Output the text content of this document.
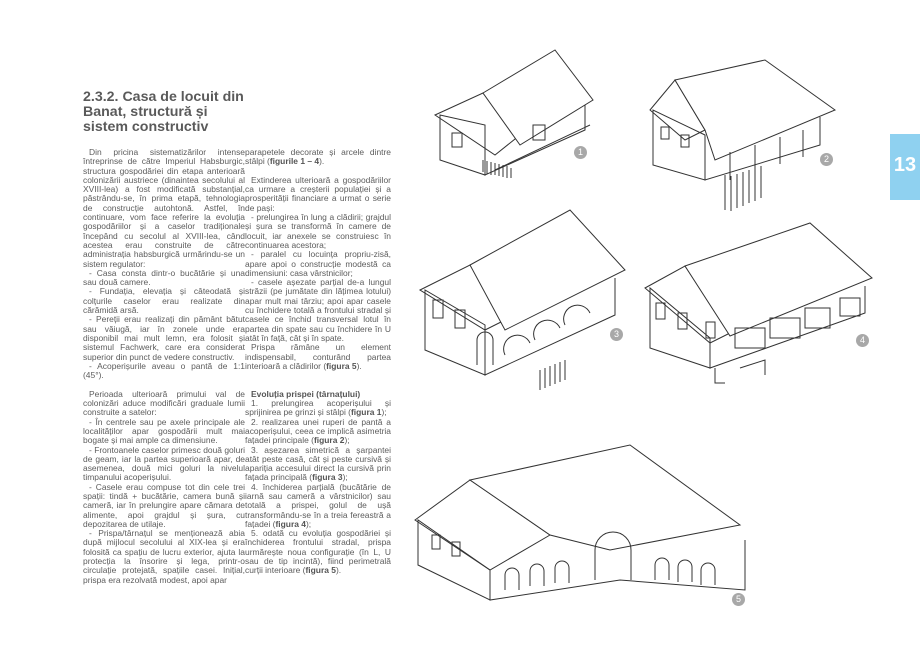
2.3.2. Casa de locuit din Banat, structură și sistem constructiv

Din pricina sistematizărilor intense întreprinse de către Imperiul Habsburgic, structura gospodăriei din etapa anterioară colonizării austriece (dinaintea secolului al XVIII-lea) a fost modificată substanțial, păstrându-se, în prima etapă, tehnologia de construcție autohtonă. Astfel, în continuare, vom face referire la evoluția gospodăriilor și a caselor tradiționale începând cu secolul al XVIII-lea, când acestea erau construite de către administrația habsburgică urmărindu-se un sistem regulator:

- Casa consta dintr-o bucătărie și una sau două camere.

- Fundația, elevația și câteodată și colțurile caselor erau realizate din cărămidă arsă.

- Pereții erau realizați din pământ bătut sau văiugă, iar în zonele unde era disponibil mai mult lemn, era folosit și sistemul Fachwerk, care era considerat superior din punct de vedere constructiv.

- Acoperișurile aveau o pantă de 1:1 (45°).

Perioada ulterioară primului val de colonizări aduce modificări graduale lumii construite a satelor:

- În centrele sau pe axele principale ale localităților apar gospodării mult mai bogate și mai ample ca dimensiune.

- Frontoanele caselor primesc două goluri de geam, iar la partea superioară apar, de asemenea, două mici goluri la nivelul timpanului acoperișului.

- Casele erau compuse tot din cele trei spații: tindă + bucătărie, camera bună și cameră, iar în prelungire apare cămara de alimente, apoi grajdul și șura, cu depozitarea de utilaje.

- Prispa/târnațul se menționează abia după mijlocul secolului al XIX-lea și era folosită ca spațiu de lucru exterior, ajuta la protecția la însorire și lega, printr-o circulație protejată, spațiile casei. Inițial, prispa era rezolvată modest, apoi apar

parapetele decorate și arcele dintre stâlpi (figurile 1 – 4).

Extinderea ulterioară a gospodăriilor ca urmare a creșterii populației și a prosperității financiare a urmat o serie de pași:

- prelungirea în lung a clădirii; grajdul și șura se transformă în camere de locuit, iar anexele se construiesc în continuarea acestora;

- paralel cu locuința propriu-zisă, apare apoi o construcție modestă ca dimensiuni: casa vârstnicilor;

- casele așezate parțial de-a lungul străzii (pe jumătate din lățimea lotului) apar mult mai târziu; apoi apar casele cu închidere totală a frontului stradal și casele ce închid transversal lotul în partea din spate sau cu închidere în U atât în față, cât și în spate.

Prispa rămâne un element indispensabil, conturând partea interioară a clădirilor (figura 5).

Evoluția prispei (târnațului)

1. prelungirea acoperișului și sprijinirea pe grinzi și stâlpi (figura 1);

2. realizarea unei ruperi de pantă a acoperișului, ceea ce implică asimetria fațadei principale (figura 2);

3. așezarea simetrică a șarpantei atât peste casă, cât și peste cursivă și apariția accesului direct la cursivă prin fațada principală (figura 3);

4. închiderea parțială (bucătărie de iarnă sau cameră a vârstnicilor) sau totală a prispei, golul de ușă transformându-se în a treia fereastră a fațadei (figura 4);

5. odată cu evoluția gospodăriei și închiderea frontului stradal, prispa urmărește noua configurație (în L, U sau de tip incintă), fiind perimetrală curții interioare (figura 5).

13
1
2
3
4
5
